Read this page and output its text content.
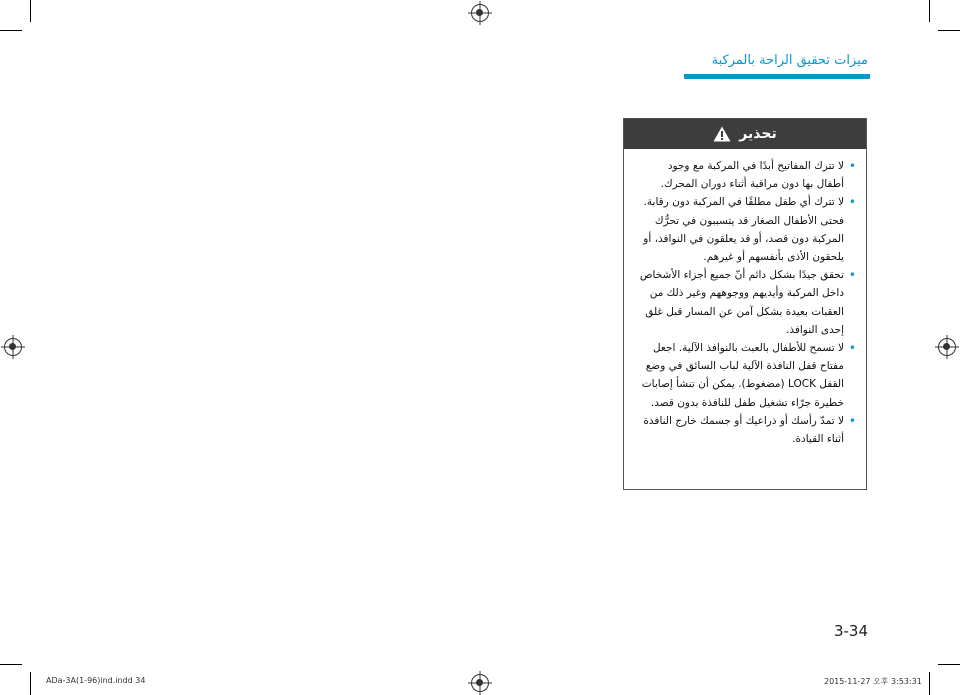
ميزات تحقيق الراحة بالمركبة
تحذير
•
لا تترك المفاتيح أبدًا في المركبة مع وجود أطفال بها دون مراقبة أثناء دوران المحرك.
•
لا تترك أي طفل مطلقًا في المركبة دون رقابة. فحتى الأطفال الصغار قد يتسببون في تحرُّك المركبة دون قصد، أو قد يعلقون في النوافذ، أو يلحقون الأذى بأنفسهم أو غيرهم.
•
تحقق جيدًا بشكل دائم أنّ جميع أجزاء الأشخاص داخل المركبة وأيديهم ووجوههم وغير ذلك من العقبات بعيدة بشكل آمن عن المسار قبل غلق إحدى النوافذ.
•
لا تسمح للأطفال بالعبث بالنوافذ الآلية. اجعل مفتاح قفل النافذة الآلية لباب السائق في وضع القفل LOCK (مضغوط). يمكن أن تنشأ إصابات خطيرة جرّاء تشغيل طفل للنافذة بدون قصد.
•
لا تمدّ رأسك أو ذراعيك أو جسمك خارج النافذة أثناء القيادة.
3-34
ADa-3A(1-96)ind.indd 34	2015-11-27 오후 3:53:31
